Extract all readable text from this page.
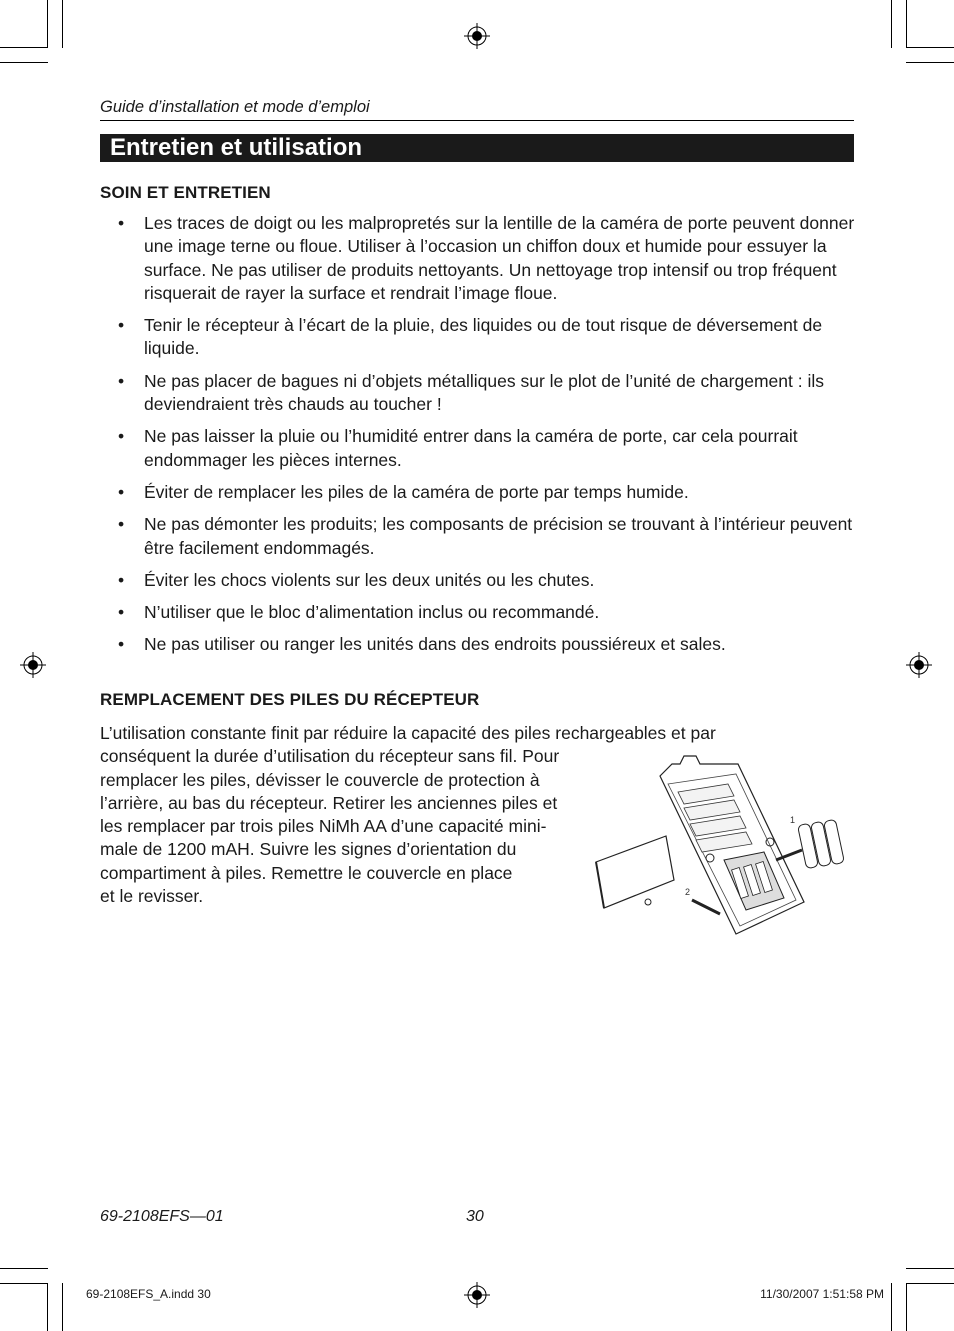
Guide d’installation et mode d’emploi
Entretien et utilisation
SOIN ET ENTRETIEN
• Les traces de doigt ou les malpropretés sur la lentille de la caméra de porte peuvent donner une image terne ou floue. Utiliser à l’occasion un chiffon doux et humide pour essuyer la surface. Ne pas utiliser de produits nettoyants. Un nettoyage trop intensif ou trop fréquent risquerait de rayer la surface et rendrait l’image floue.
• Tenir le récepteur à l’écart de la pluie, des liquides ou de tout risque de déversement de liquide.
• Ne pas placer de bagues ni d’objets métalliques sur le plot de l’unité de chargement : ils deviendraient très chauds au toucher !
• Ne pas laisser la pluie ou l’humidité entrer dans la caméra de porte, car cela pourrait endommager les pièces internes.
• Éviter de remplacer les piles de la caméra de porte par temps humide.
• Ne pas démonter les produits; les composants de précision se trouvant à l’intérieur peuvent être facilement endommagés.
• Éviter les chocs violents sur les deux unités ou les chutes.
• N’utiliser que le bloc d’alimentation inclus ou recommandé.
• Ne pas utiliser ou ranger les unités dans des endroits poussiéreux et sales.
REMPLACEMENT DES PILES DU RÉCEPTEUR
L’utilisation constante finit par réduire la capacité des piles rechargeables et par
conséquent la durée d’utilisation du récepteur sans fil. Pour
remplacer les piles, dévisser le couvercle de protection à
l’arrière, au bas du récepteur. Retirer les anciennes piles et
les remplacer par trois piles NiMh AA d’une capacité mini-
male de 1200 mAH. Suivre les signes d’orientation du
compartiment à piles. Remettre le couvercle en place
et le revisser.
1
2
69-2108EFS—01	30
69-2108EFS_A.indd 30	11/30/2007 1:51:58 PM
